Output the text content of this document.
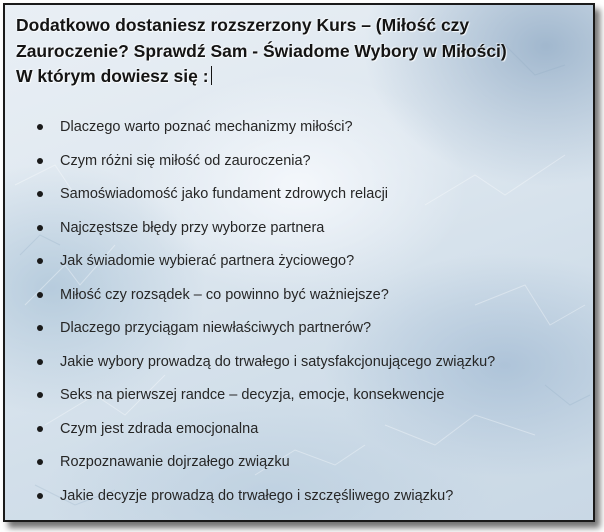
Dodatkowo dostaniesz rozszerzony Kurs – (Miłość czy
Zauroczenie? Sprawdź Sam - Świadome Wybory w Miłości)
W którym dowiesz się :
Dlaczego warto poznać mechanizmy miłości?
Czym różni się miłość od zauroczenia?
Samoświadomość jako fundament zdrowych relacji
Najczęstsze błędy przy wyborze partnera
Jak świadomie wybierać partnera życiowego?
Miłość czy rozsądek – co powinno być ważniejsze?
Dlaczego przyciągam niewłaściwych partnerów?
Jakie wybory prowadzą do trwałego i satysfakcjonującego związku?
Seks na pierwszej randce – decyzja, emocje, konsekwencje
Czym jest zdrada emocjonalna
Rozpoznawanie dojrzałego związku
Jakie decyzje prowadzą do trwałego i szczęśliwego związku?
